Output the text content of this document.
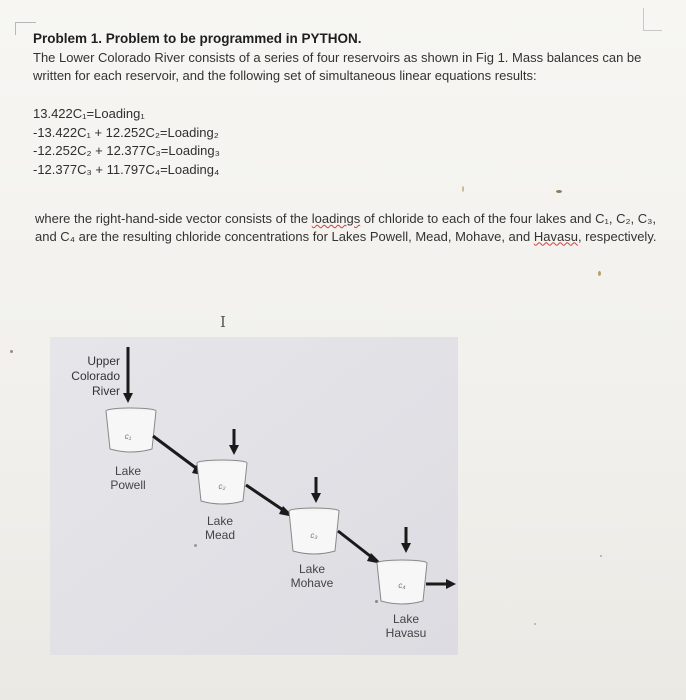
Problem 1. Problem to be programmed in PYTHON.
The Lower Colorado River consists of a series of four reservoirs as shown in Fig 1. Mass balances can be written for each reservoir, and the following set of simultaneous linear equations results:
13.422C₁=Loading₁
-13.422C₁ + 12.252C₂=Loading₂
-12.252C₂ + 12.377C₃=Loading₃
-12.377C₃ + 11.797C₄=Loading₄
where the right-hand-side vector consists of the loadings of chloride to each of the four lakes and C₁, C₂, C₃, and C₄ are the resulting chloride concentrations for Lakes Powell, Mead, Mohave, and Havasu, respectively.
I
Upper
Colorado
River
c₁
Lake
Powell	c₂
Lake
Mead	c₃
Lake
Mohave	c₄
Lake
Havasu
